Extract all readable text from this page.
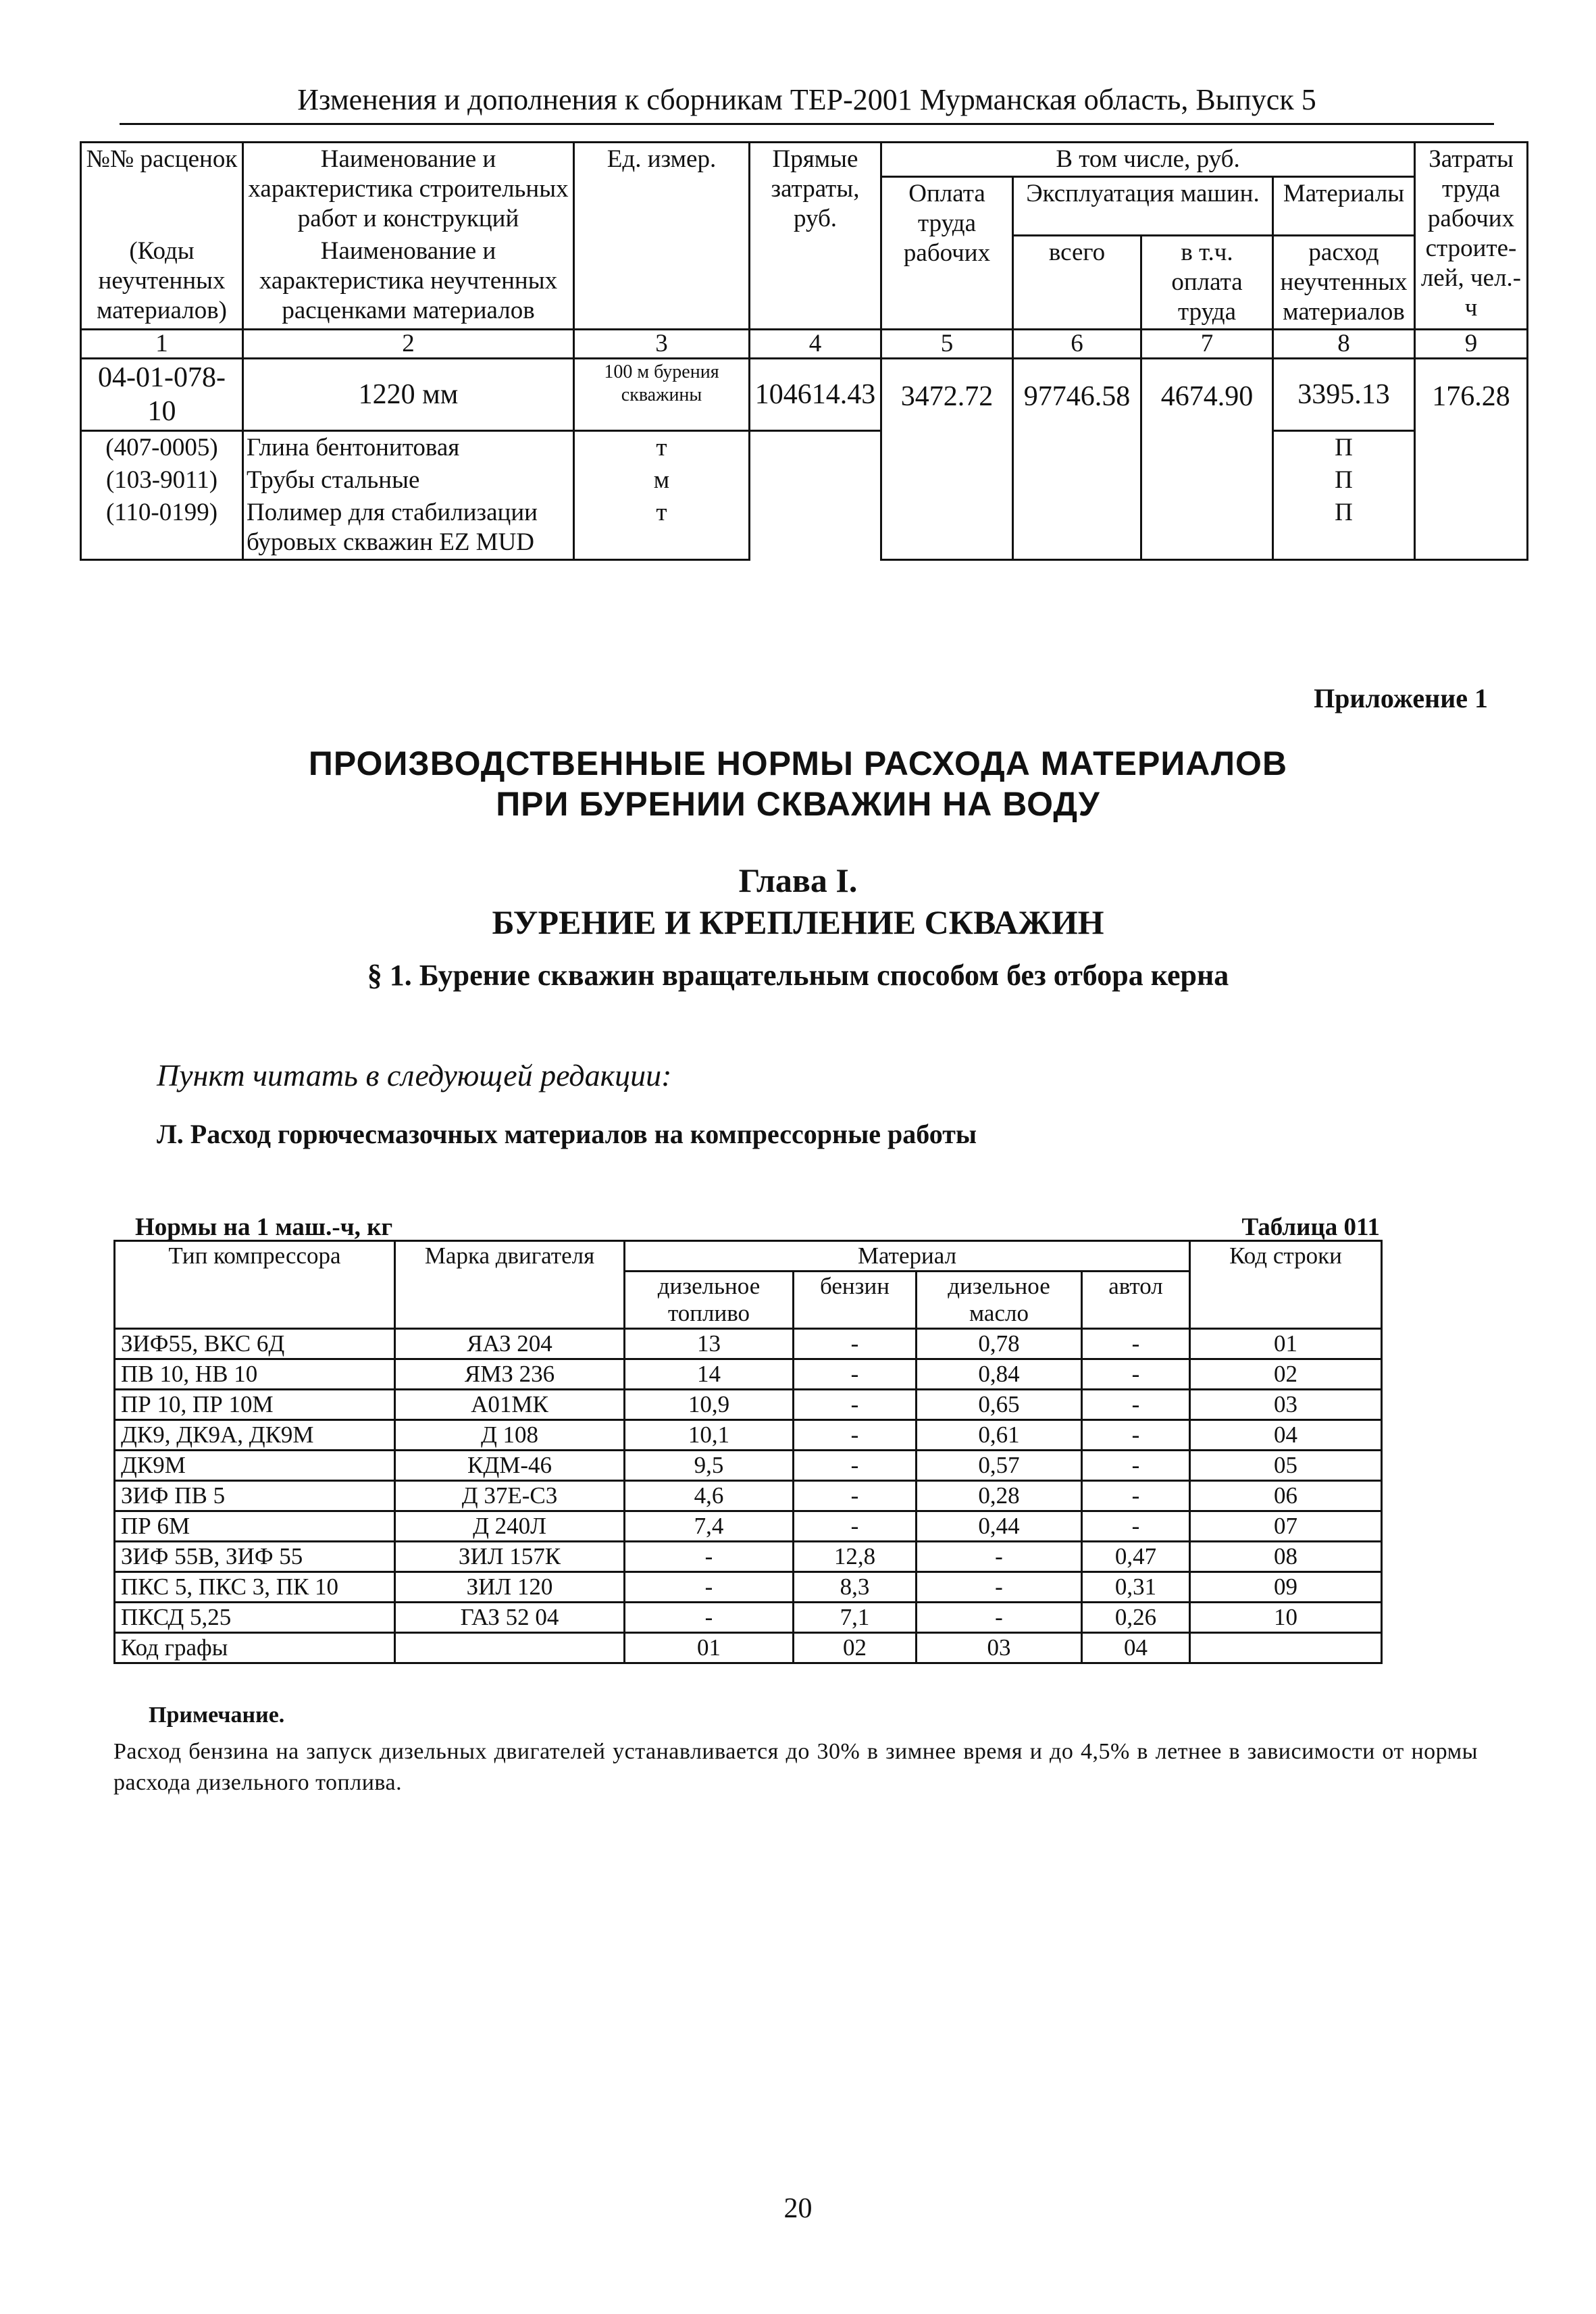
Изменения и дополнения к сборникам ТЕР-2001 Мурманская область, Выпуск 5
№№ расценок	Наименование и характеристика строительных работ и конструкций	Ед. измер.	Прямые затраты, руб.	В том числе, руб.				Затраты труда рабочих строите-лей, чел.-ч
				Оплата труда рабочих	Эксплуатация машин.		Материалы	
(Коды неучтенных материалов)	Наименование и характеристика неучтенных расценками материалов				всего	в т.ч. оплата труда	расход неучтенных материалов	
1	2	3	4	5	6	7	8	9
04-01-078-10	1220 мм	100 м бурения скважины	104614.43	3472.72	97746.58	4674.90	3395.13	176.28
(407-0005)	Глина бентонитовая	т					П	
(103-9011)	Трубы стальные	м					П	
(110-0199)	Полимер для стабилизации буровых скважин EZ MUD	т					П	
Приложение 1
ПРОИЗВОДСТВЕННЫЕ НОРМЫ РАСХОДА МАТЕРИАЛОВ
ПРИ БУРЕНИИ СКВАЖИН НА ВОДУ
Глава I.
БУРЕНИЕ И КРЕПЛЕНИЕ СКВАЖИН
§ 1. Бурение скважин вращательным способом без отбора керна
Пункт читать в следующей редакции:
Л. Расход горючесмазочных материалов на компрессорные работы
Нормы на 1 маш.-ч, кг	Таблица 011
Тип компрессора	Марка двигателя	Материал				Код строки
		дизельное топливо	бензин	дизельное масло	автол	
ЗИФ55, ВКС 6Д	ЯАЗ 204	13	-	0,78	-	01
ПВ 10, НВ 10	ЯМЗ 236	14	-	0,84	-	02
ПР 10, ПР 10М	А01МК	10,9	-	0,65	-	03
ДК9, ДК9А, ДК9М	Д 108	10,1	-	0,61	-	04
ДК9М	КДМ-46	9,5	-	0,57	-	05
ЗИФ ПВ 5	Д 37Е-С3	4,6	-	0,28	-	06
ПР 6М	Д 240Л	7,4	-	0,44	-	07
ЗИФ 55В, ЗИФ 55	ЗИЛ 157К	-	12,8	-	0,47	08
ПКС 5, ПКС 3, ПК 10	ЗИЛ 120	-	8,3	-	0,31	09
ПКСД 5,25	ГАЗ 52 04	-	7,1	-	0,26	10
Код графы		01	02	03	04	
Примечание.
Расход бензина на запуск дизельных двигателей устанавливается до 30% в зимнее время и до 4,5% в летнее в зависимости от нормы расхода дизельного топлива.
20
